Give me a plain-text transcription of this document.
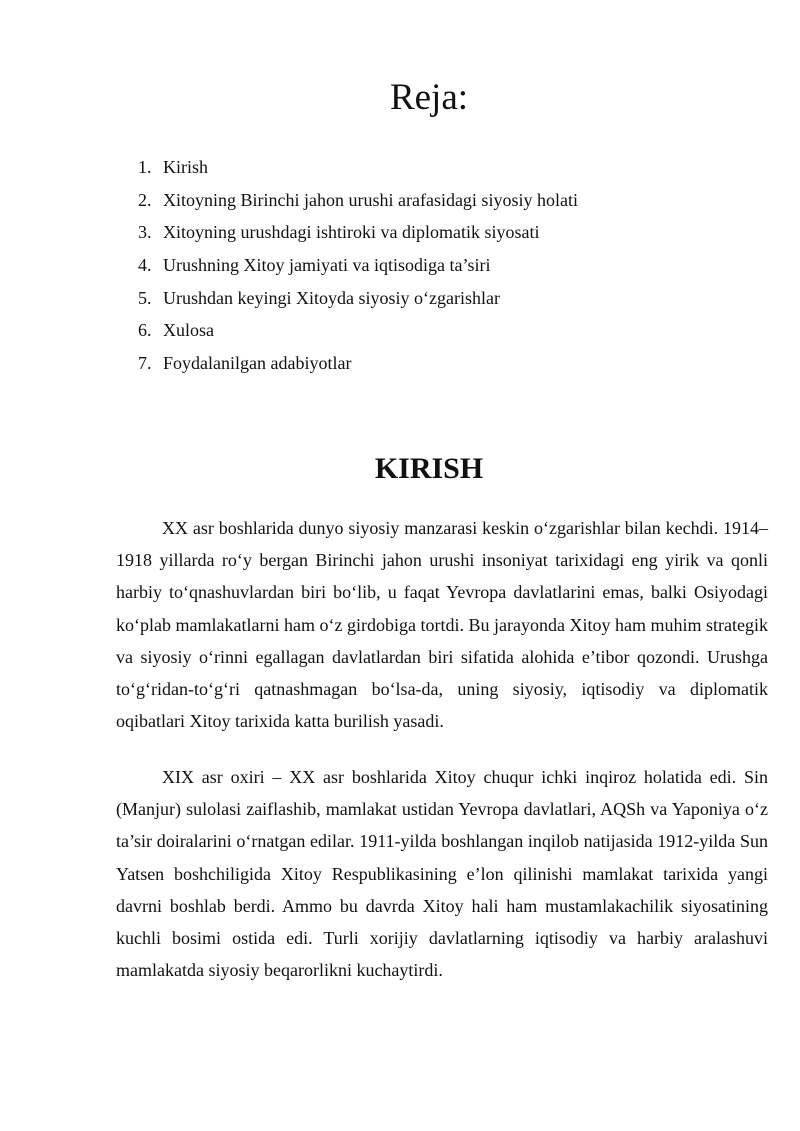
Reja:
1. Kirish
2. Xitoyning Birinchi jahon urushi arafasidagi siyosiy holati
3. Xitoyning urushdagi ishtiroki va diplomatik siyosati
4. Urushning Xitoy jamiyati va iqtisodiga ta’siri
5. Urushdan keyingi Xitoyda siyosiy o‘zgarishlar
6. Xulosa
7. Foydalanilgan adabiyotlar
KIRISH

XX asr boshlarida dunyo siyosiy manzarasi keskin o‘zgarishlar bilan kechdi. 1914–1918 yillarda ro‘y bergan Birinchi jahon urushi insoniyat tarixidagi eng yirik va qonli harbiy to‘qnashuvlardan biri bo‘lib, u faqat Yevropa davlatlarini emas, balki Osiyodagi ko‘plab mamlakatlarni ham o‘z girdobiga tortdi. Bu jarayonda Xitoy ham muhim strategik va siyosiy o‘rinni egallagan davlatlardan biri sifatida alohida e’tibor qozondi. Urushga to‘g‘ridan-to‘g‘ri qatnashmagan bo‘lsa-da, uning siyosiy, iqtisodiy va diplomatik oqibatlari Xitoy tarixida katta burilish yasadi.

XIX asr oxiri – XX asr boshlarida Xitoy chuqur ichki inqiroz holatida edi. Sin (Manjur) sulolasi zaiflashib, mamlakat ustidan Yevropa davlatlari, AQSh va Yaponiya o‘z ta’sir doiralarini o‘rnatgan edilar. 1911-yilda boshlangan inqilob natijasida 1912-yilda Sun Yatsen boshchiligida Xitoy Respublikasining e’lon qilinishi mamlakat tarixida yangi davrni boshlab berdi. Ammo bu davrda Xitoy hali ham mustamlakachilik siyosatining kuchli bosimi ostida edi. Turli xorijiy davlatlarning iqtisodiy va harbiy aralashuvi mamlakatda siyosiy beqarorlikni kuchaytirdi.
